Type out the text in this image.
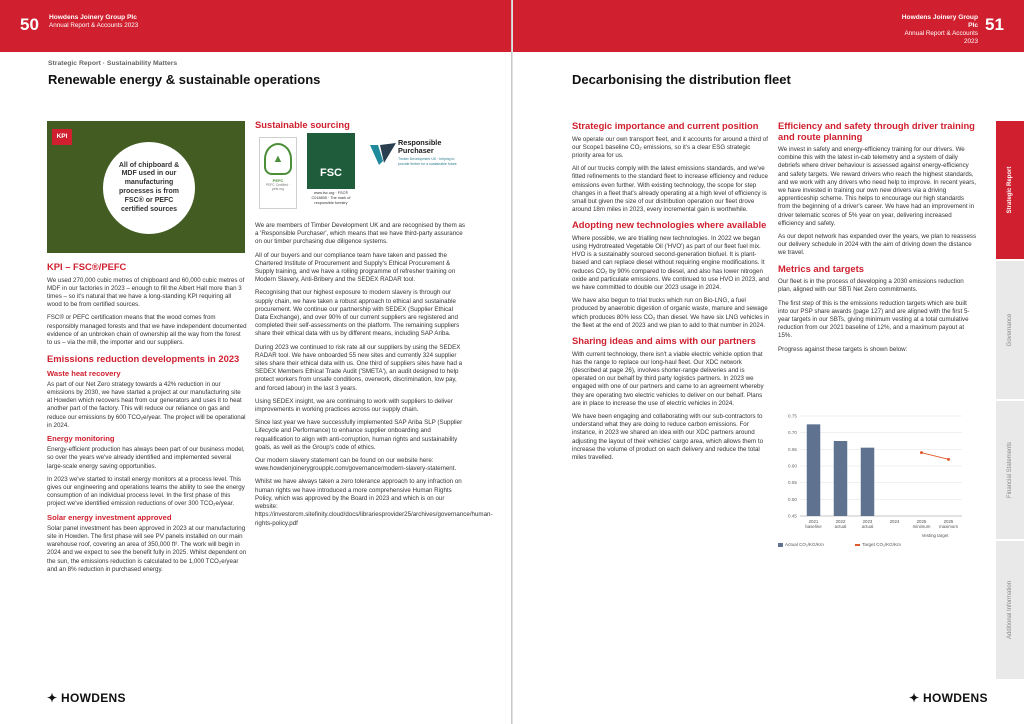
50 Howdens Joinery Group Plc
Annual Report & Accounts 2023
Strategic Report · Sustainability Matters
Renewable energy & sustainable operations
KPI
All of chipboard & MDF used in our manufacturing processes is from FSC® or PEFC certified sources
KPI – FSC®/PEFC

We used 270,000 cubic metres of chipboard and 60,000 cubic metres of MDF in our factories in 2023 – enough to fill the Albert Hall more than 3 times – so it's natural that we have a long-standing KPI requiring all wood to be from certified sources.

FSC® or PEFC certification means that the wood comes from responsibly managed forests and that we have independent documented evidence of an unbroken chain of ownership all the way from the forest to us – via the mill, the importer and our suppliers.

Emissions reduction developments in 2023
Waste heat recovery

As part of our Net Zero strategy towards a 42% reduction in our emissions by 2030, we have started a project at our manufacturing site at Howden which recovers heat from our generators and uses it to heat another part of the factory. This will reduce our reliance on gas and reduce our emissions by 600 TCO₂e/year. The project will be operational in 2024.

Energy monitoring

Energy-efficient production has always been part of our business model, so over the years we've already identified and implemented several large-scale energy saving opportunities.

In 2023 we've started to install energy monitors at a process level. This gives our engineering and operations teams the ability to see the energy consumption of an individual process level. In the first phase of this project we've identified emission reductions of over 300 TCO₂e/year.

Solar energy investment approved

Solar panel investment has been approved in 2023 at our manufacturing site in Howden. The first phase will see PV panels installed on our main warehouse roof, covering an area of 350,000 ft². The work will begin in 2024 and we expect to see the benefit fully in 2025. Whilst dependent on the sun, the emissions reduction is calculated to be 1,000 TCO₂e/year and an 8% reduction in purchased energy.

Sustainable sourcing
▲
PEFC
PEFC Certified · pefc.org
FSC
www.fsc.org · FSC® C018805 · The mark of responsible forestry
Responsible Purchaser
Timber Development UK · helping to provide timber for a sustainable future

We are members of Timber Development UK and are recognised by them as a 'Responsible Purchaser', which means that we have third-party assurance on our timber purchasing due diligence systems.

All of our buyers and our compliance team have taken and passed the Chartered Institute of Procurement and Supply's Ethical Procurement & Supply training, and we have a rolling programme of refresher training on Modern Slavery, Anti-Bribery and the SEDEX RADAR tool.

Recognising that our highest exposure to modern slavery is through our supply chain, we have taken a robust approach to ethical and sustainable procurement. We continue our partnership with SEDEX (Supplier Ethical Data Exchange), and over 90% of our current suppliers are registered and completed their self-assessments on the platform. The remaining suppliers share their ethical data with us by different means, including SAP Ariba.

During 2023 we continued to risk rate all our suppliers by using the SEDEX RADAR tool. We have onboarded 55 new sites and currently 324 supplier sites share their ethical data with us. One third of suppliers sites have had a SEDEX Members Ethical Trade Audit ('SMETA'), an audit designed to help protect workers from unsafe conditions, overwork, discrimination, low pay, and forced labour) in the last 3 years.

Using SEDEX insight, we are continuing to work with suppliers to deliver improvements in working practices across our supply chain.

Since last year we have successfully implemented SAP Ariba SLP (Supplier Lifecycle and Performance) to enhance supplier onboarding and requalification to align with anti-corruption, human rights and sustainability goals, as well as the Group's code of ethics.

Our modern slavery statement can be found on our website here: www.howdenjoinerygroupplc.com/governance/modern-slavery-statement.

Whilst we have always taken a zero tolerance approach to any infraction on human rights we have introduced a more comprehensive Human Rights Policy, which was approved by the Board in 2023 and which is on our website: https://investorcm.sitefinity.cloud/docs/librariesprovider25/archives/governance/human-rights-policy.pdf

✦ HOWDENS
Howdens Joinery Group Plc
Annual Report & Accounts 2023
51
Decarbonising the distribution fleet
Strategic importance and current position

We operate our own transport fleet, and it accounts for around a third of our Scope1 baseline CO₂ emissions, so it's a clear ESG strategic priority area for us.

All of our trucks comply with the latest emissions standards, and we've fitted refinements to the standard fleet to increase efficiency and reduce emissions even further. With existing technology, the scope for step changes in a fleet that's already operating at a high level of efficiency is small but given the size of our distribution operation our fleet drove around 18m miles in 2023, every incremental gain is worthwhile.

Adopting new technologies where available

Where possible, we are trialling new technologies. In 2022 we began using Hydrotreated Vegetable Oil ('HVO') as part of our fleet fuel mix. HVO is a sustainably sourced second-generation biofuel. It is plant-based and can replace diesel without requiring engine modifications. It reduces CO₂ by 90% compared to diesel, and also has lower nitrogen oxide and particulate emissions. We continued to use HVO in 2023, and we have committed to double our 2023 usage in 2024.

We have also begun to trial trucks which run on Bio-LNG, a fuel produced by anaerobic digestion of organic waste, manure and sewage which produces 80% less CO₂ than diesel. We have six LNG vehicles in the fleet at the end of 2023 and we plan to add to that number in 2024.

Sharing ideas and aims with our partners

With current technology, there isn't a viable electric vehicle option that has the range to replace our long-haul fleet. Our XDC network (described at page 26), involves shorter-range deliveries and is operated on our behalf by third party logistics partners. In 2023 we engaged with one of our partners and came to an agreement whereby they are operating two electric vehicles to deliver on our behalf. Plans are in place to increase the use of electric vehicles in 2024.

We have been engaging and collaborating with our sub-contractors to understand what they are doing to reduce carbon emissions. For instance, in 2023 we shared an idea with our XDC partners around adjusting the layout of their vehicles' cargo area, which allows them to increase the volume of product on each delivery and reduce the total miles travelled.

Efficiency and safety through driver training and route planning

We invest in safety and energy-efficiency training for our drivers. We combine this with the latest in-cab telemetry and a system of daily debriefs where driver behaviour is assessed against energy-efficiency and safety targets. We reward drivers who reach the highest standards, and we work with any drivers who need help to improve. In recent years, we have invested in training our own new drivers via a driving apprenticeship scheme. This helps to encourage our high standards from the beginning of a driver's career. We have had an improvement in driver telematic scores of 5% year on year, delivering increased efficiency and safety.

As our depot network has expanded over the years, we plan to reassess our delivery schedule in 2024 with the aim of driving down the distance we travel.

Metrics and targets

Our fleet is in the process of developing a 2030 emissions reduction plan, aligned with our SBTi Net Zero commitments.

The first step of this is the emissions reduction targets which are built into our PSP share awards (page 127) and are aligned with the first 5-year targets in our SBTs, giving minimum vesting at a total cumulative reduction from our 2021 baseline of 12%, and a maximum payout at 15%.

Progress against these targets is shown below:

✦ HOWDENS
Strategic Report
Governance
Financial Statements
Additional Information
0.45
0.50
0.55
0.60
0.65
0.70
0.75
2021
baseline
2022
actual
2023
actual
2024	2025
minimum
2025
maximum
Vesting target
Actual CO₂/KG/Km	Target CO₂/KG/Km
